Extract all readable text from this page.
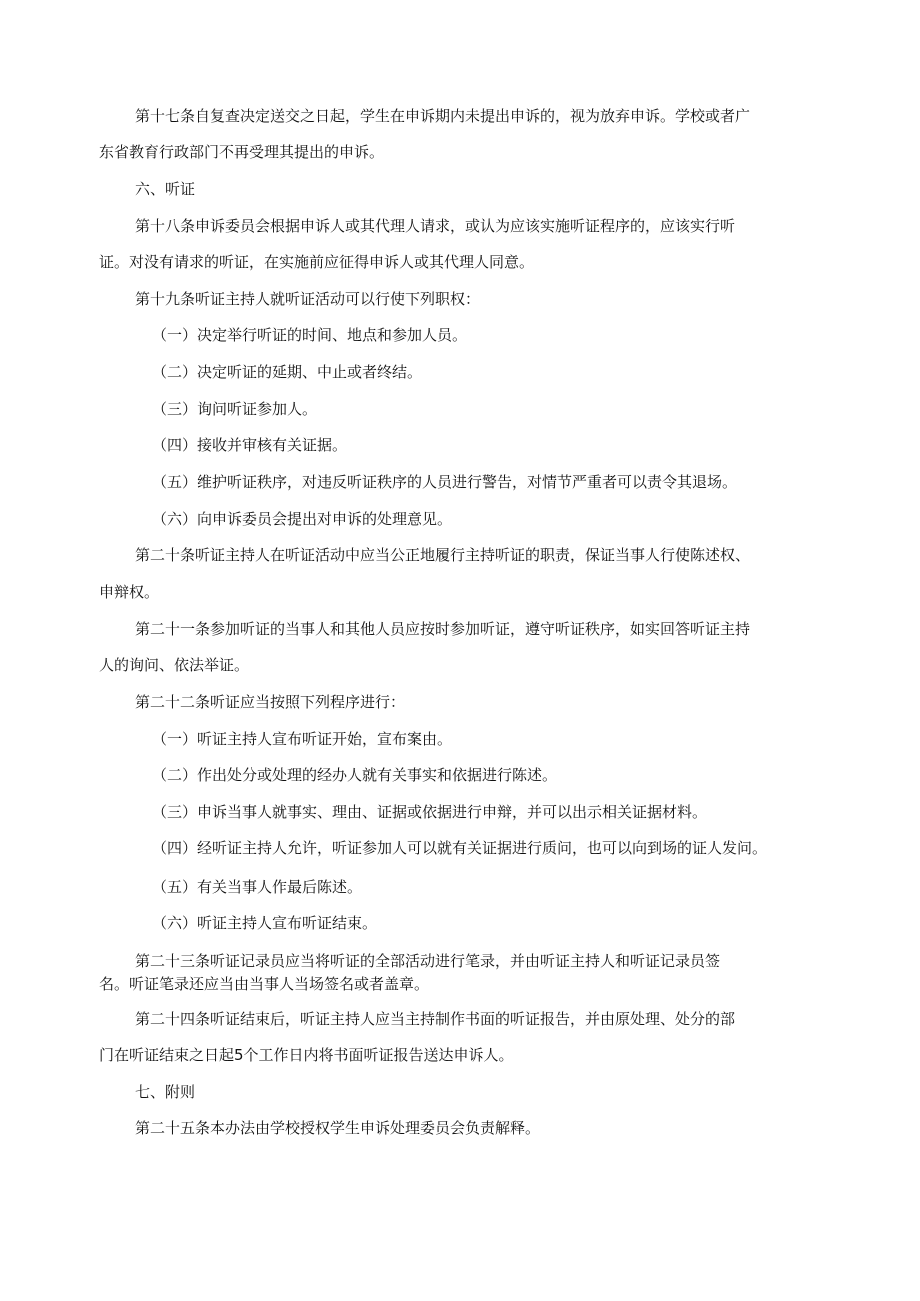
第十七条自复查决定送交之日起，学生在申诉期内未提出申诉的，视为放弃申诉。学校或者广
东省教育行政部门不再受理其提出的申诉。
六、听证
第十八条申诉委员会根据申诉人或其代理人请求，或认为应该实施听证程序的，应该实行听
证。对没有请求的听证，在实施前应征得申诉人或其代理人同意。
第十九条听证主持人就听证活动可以行使下列职权：
（一）决定举行听证的时间、地点和参加人员。
（二）决定听证的延期、中止或者终结。
（三）询问听证参加人。
（四）接收并审核有关证据。
（五）维护听证秩序，对违反听证秩序的人员进行警告，对情节严重者可以责令其退场。
（六）向申诉委员会提出对申诉的处理意见。
第二十条听证主持人在听证活动中应当公正地履行主持听证的职责，保证当事人行使陈述权、
申辩权。
第二十一条参加听证的当事人和其他人员应按时参加听证，遵守听证秩序，如实回答听证主持
人的询问、依法举证。
第二十二条听证应当按照下列程序进行：
（一）听证主持人宣布听证开始，宣布案由。
（二）作出处分或处理的经办人就有关事实和依据进行陈述。
（三）申诉当事人就事实、理由、证据或依据进行申辩，并可以出示相关证据材料。
（四）经听证主持人允许，听证参加人可以就有关证据进行质问，也可以向到场的证人发问。
（五）有关当事人作最后陈述。
（六）听证主持人宣布听证结束。
第二十三条听证记录员应当将听证的全部活动进行笔录，并由听证主持人和听证记录员签
名。听证笔录还应当由当事人当场签名或者盖章。
第二十四条听证结束后，听证主持人应当主持制作书面的听证报告，并由原处理、处分的部
门在听证结束之日起5个工作日内将书面听证报告送达申诉人。
七、附则
第二十五条本办法由学校授权学生申诉处理委员会负责解释。
